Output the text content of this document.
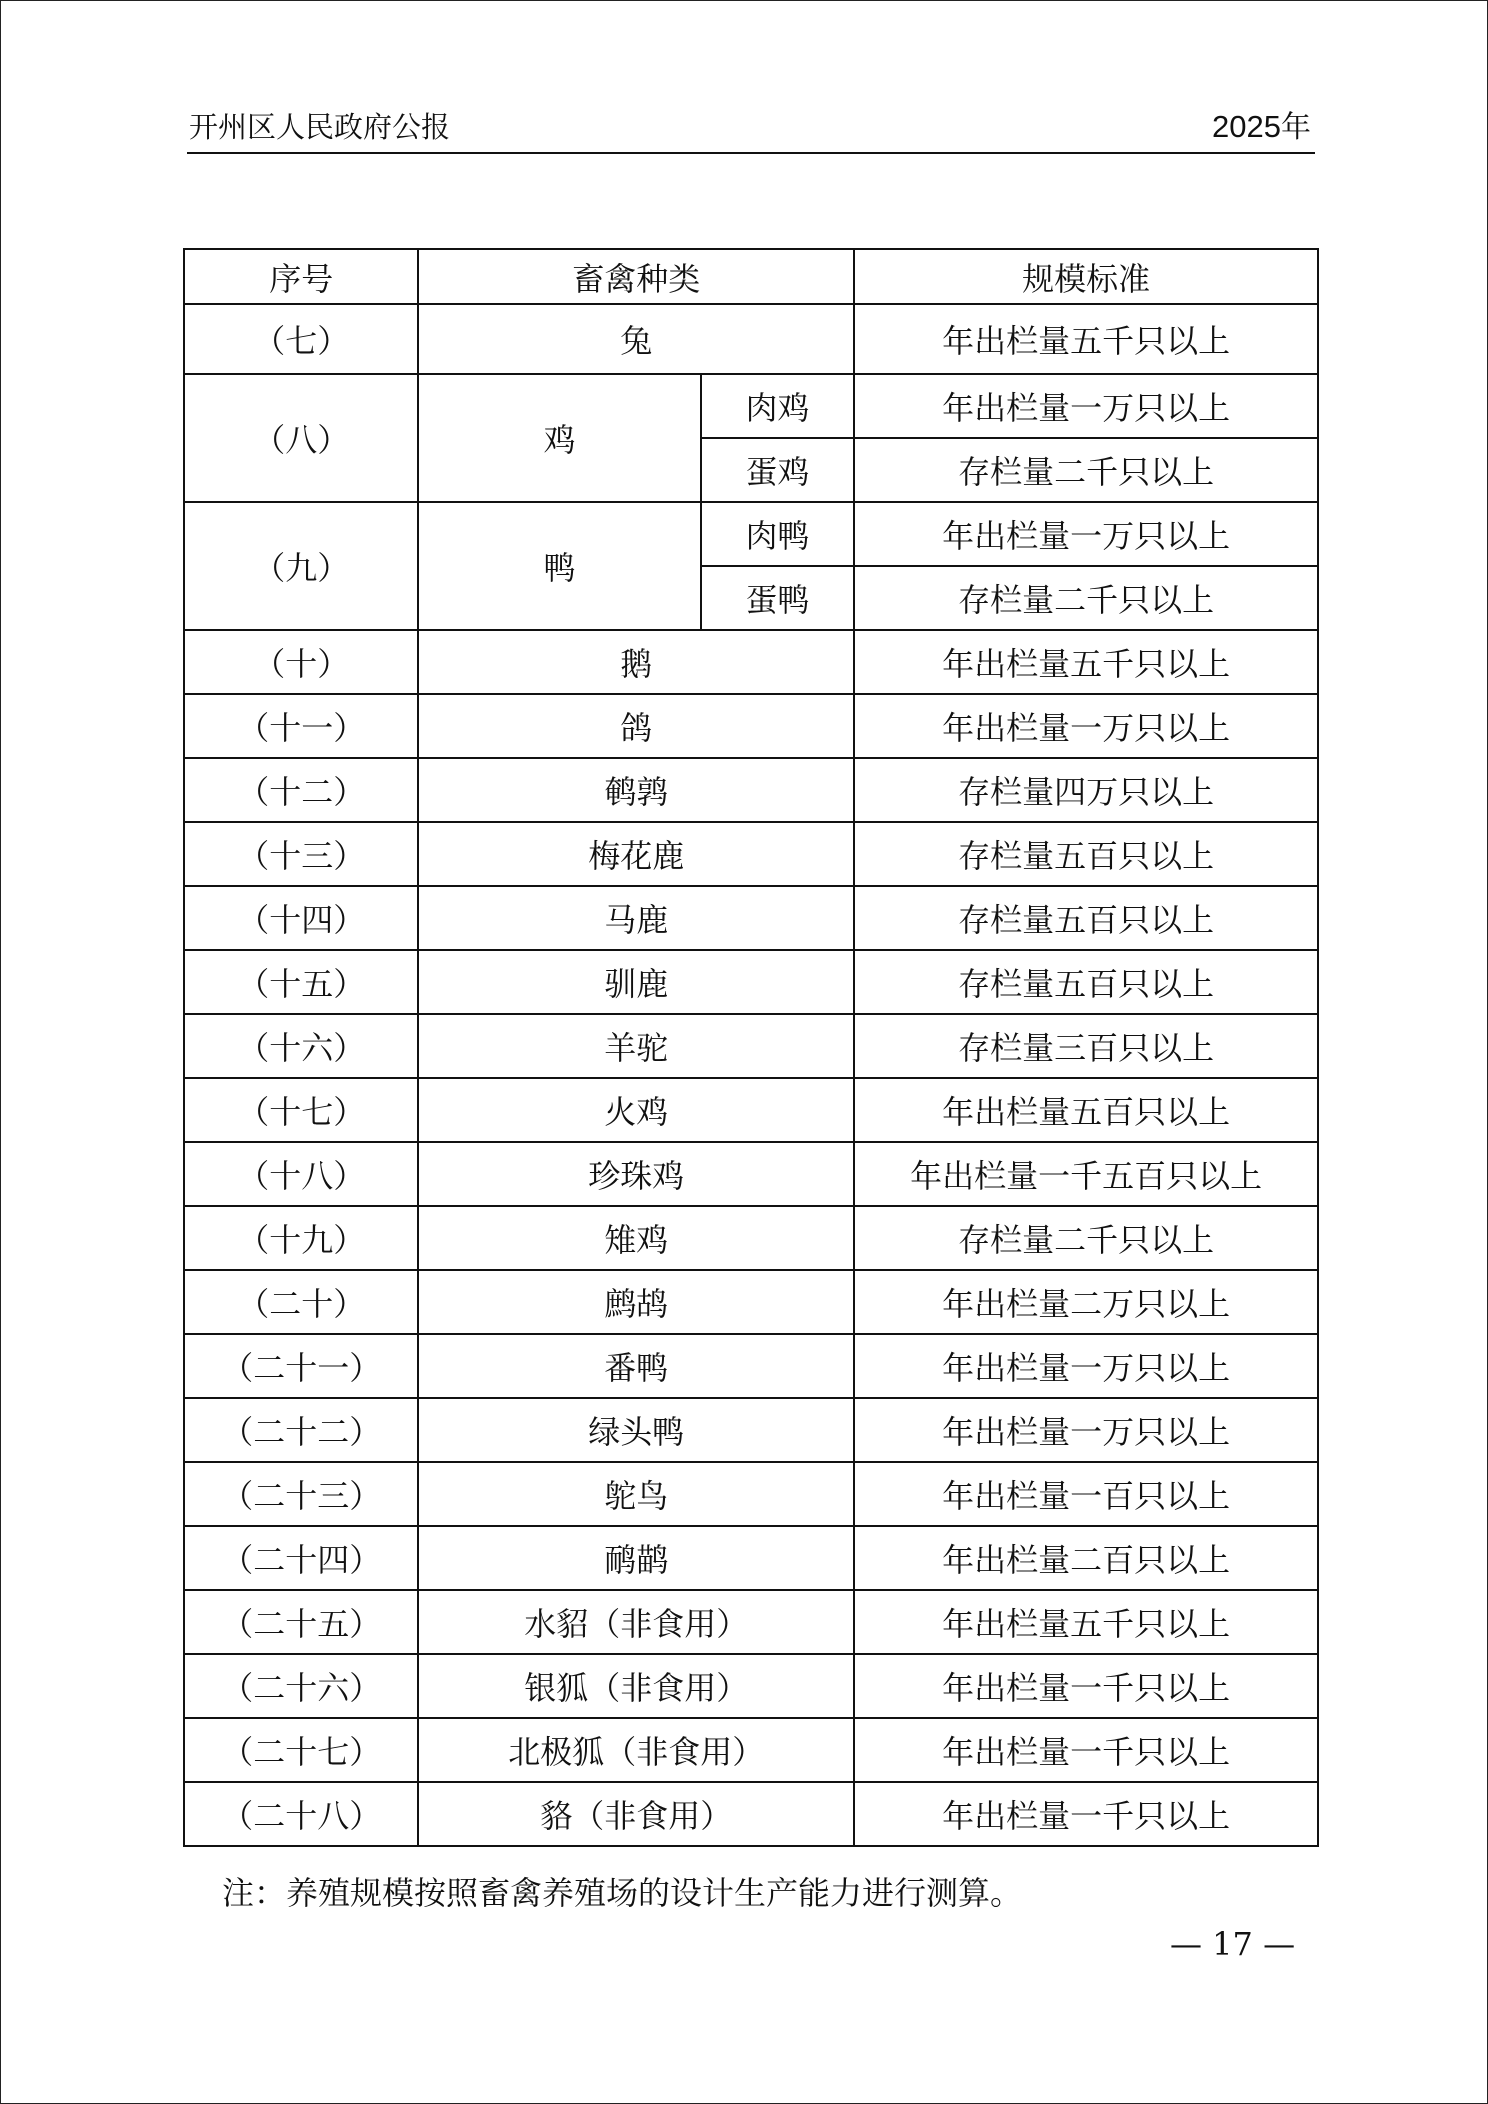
开州区人民政府公报	2025年
序号	畜禽种类		规模标准
（七）	兔		年出栏量五千只以上
（八）	鸡	肉鸡	年出栏量一万只以上
		蛋鸡	存栏量二千只以上
（九）	鸭	肉鸭	年出栏量一万只以上
		蛋鸭	存栏量二千只以上
（十）	鹅		年出栏量五千只以上
（十一）	鸽		年出栏量一万只以上
（十二）	鹌鹑		存栏量四万只以上
（十三）	梅花鹿		存栏量五百只以上
（十四）	马鹿		存栏量五百只以上
（十五）	驯鹿		存栏量五百只以上
（十六）	羊驼		存栏量三百只以上
（十七）	火鸡		年出栏量五百只以上
（十八）	珍珠鸡		年出栏量一千五百只以上
（十九）	雉鸡		存栏量二千只以上
（二十）	鹧鸪		年出栏量二万只以上
（二十一）	番鸭		年出栏量一万只以上
（二十二）	绿头鸭		年出栏量一万只以上
（二十三）	鸵鸟		年出栏量一百只以上
（二十四）	鸸鹋		年出栏量二百只以上
（二十五）	水貂（非食用）		年出栏量五千只以上
（二十六）	银狐（非食用）		年出栏量一千只以上
（二十七）	北极狐（非食用）		年出栏量一千只以上
（二十八）	貉（非食用）		年出栏量一千只以上
注：养殖规模按照畜禽养殖场的设计生产能力进行测算。
— 17 —
